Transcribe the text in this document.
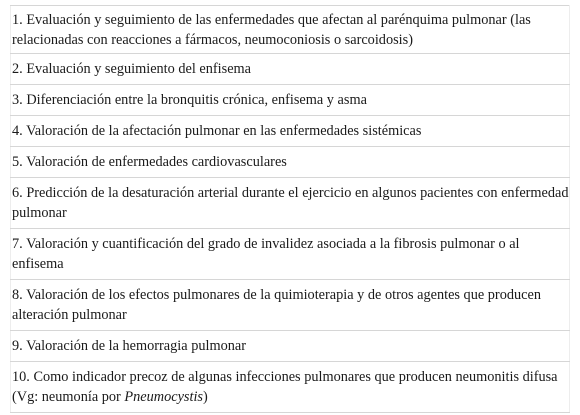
1. Evaluación y seguimiento de las enfermedades que afectan al parénquima pulmonar (las relacionadas con reacciones a fármacos, neumoconiosis o sarcoidosis)
2. Evaluación y seguimiento del enfisema
3. Diferenciación entre la bronquitis crónica, enfisema y asma
4. Valoración de la afectación pulmonar en las enfermedades sistémicas
5. Valoración de enfermedades cardiovasculares
6. Predicción de la desaturación arterial durante el ejercicio en algunos pacientes con enfermedad pulmonar
7. Valoración y cuantificación del grado de invalidez asociada a la fibrosis pulmonar o al enfisema
8. Valoración de los efectos pulmonares de la quimioterapia y de otros agentes que producen alteración pulmonar
9. Valoración de la hemorragia pulmonar
10. Como indicador precoz de algunas infecciones pulmonares que producen neumonitis difusa (Vg: neumonía por Pneumocystis)
